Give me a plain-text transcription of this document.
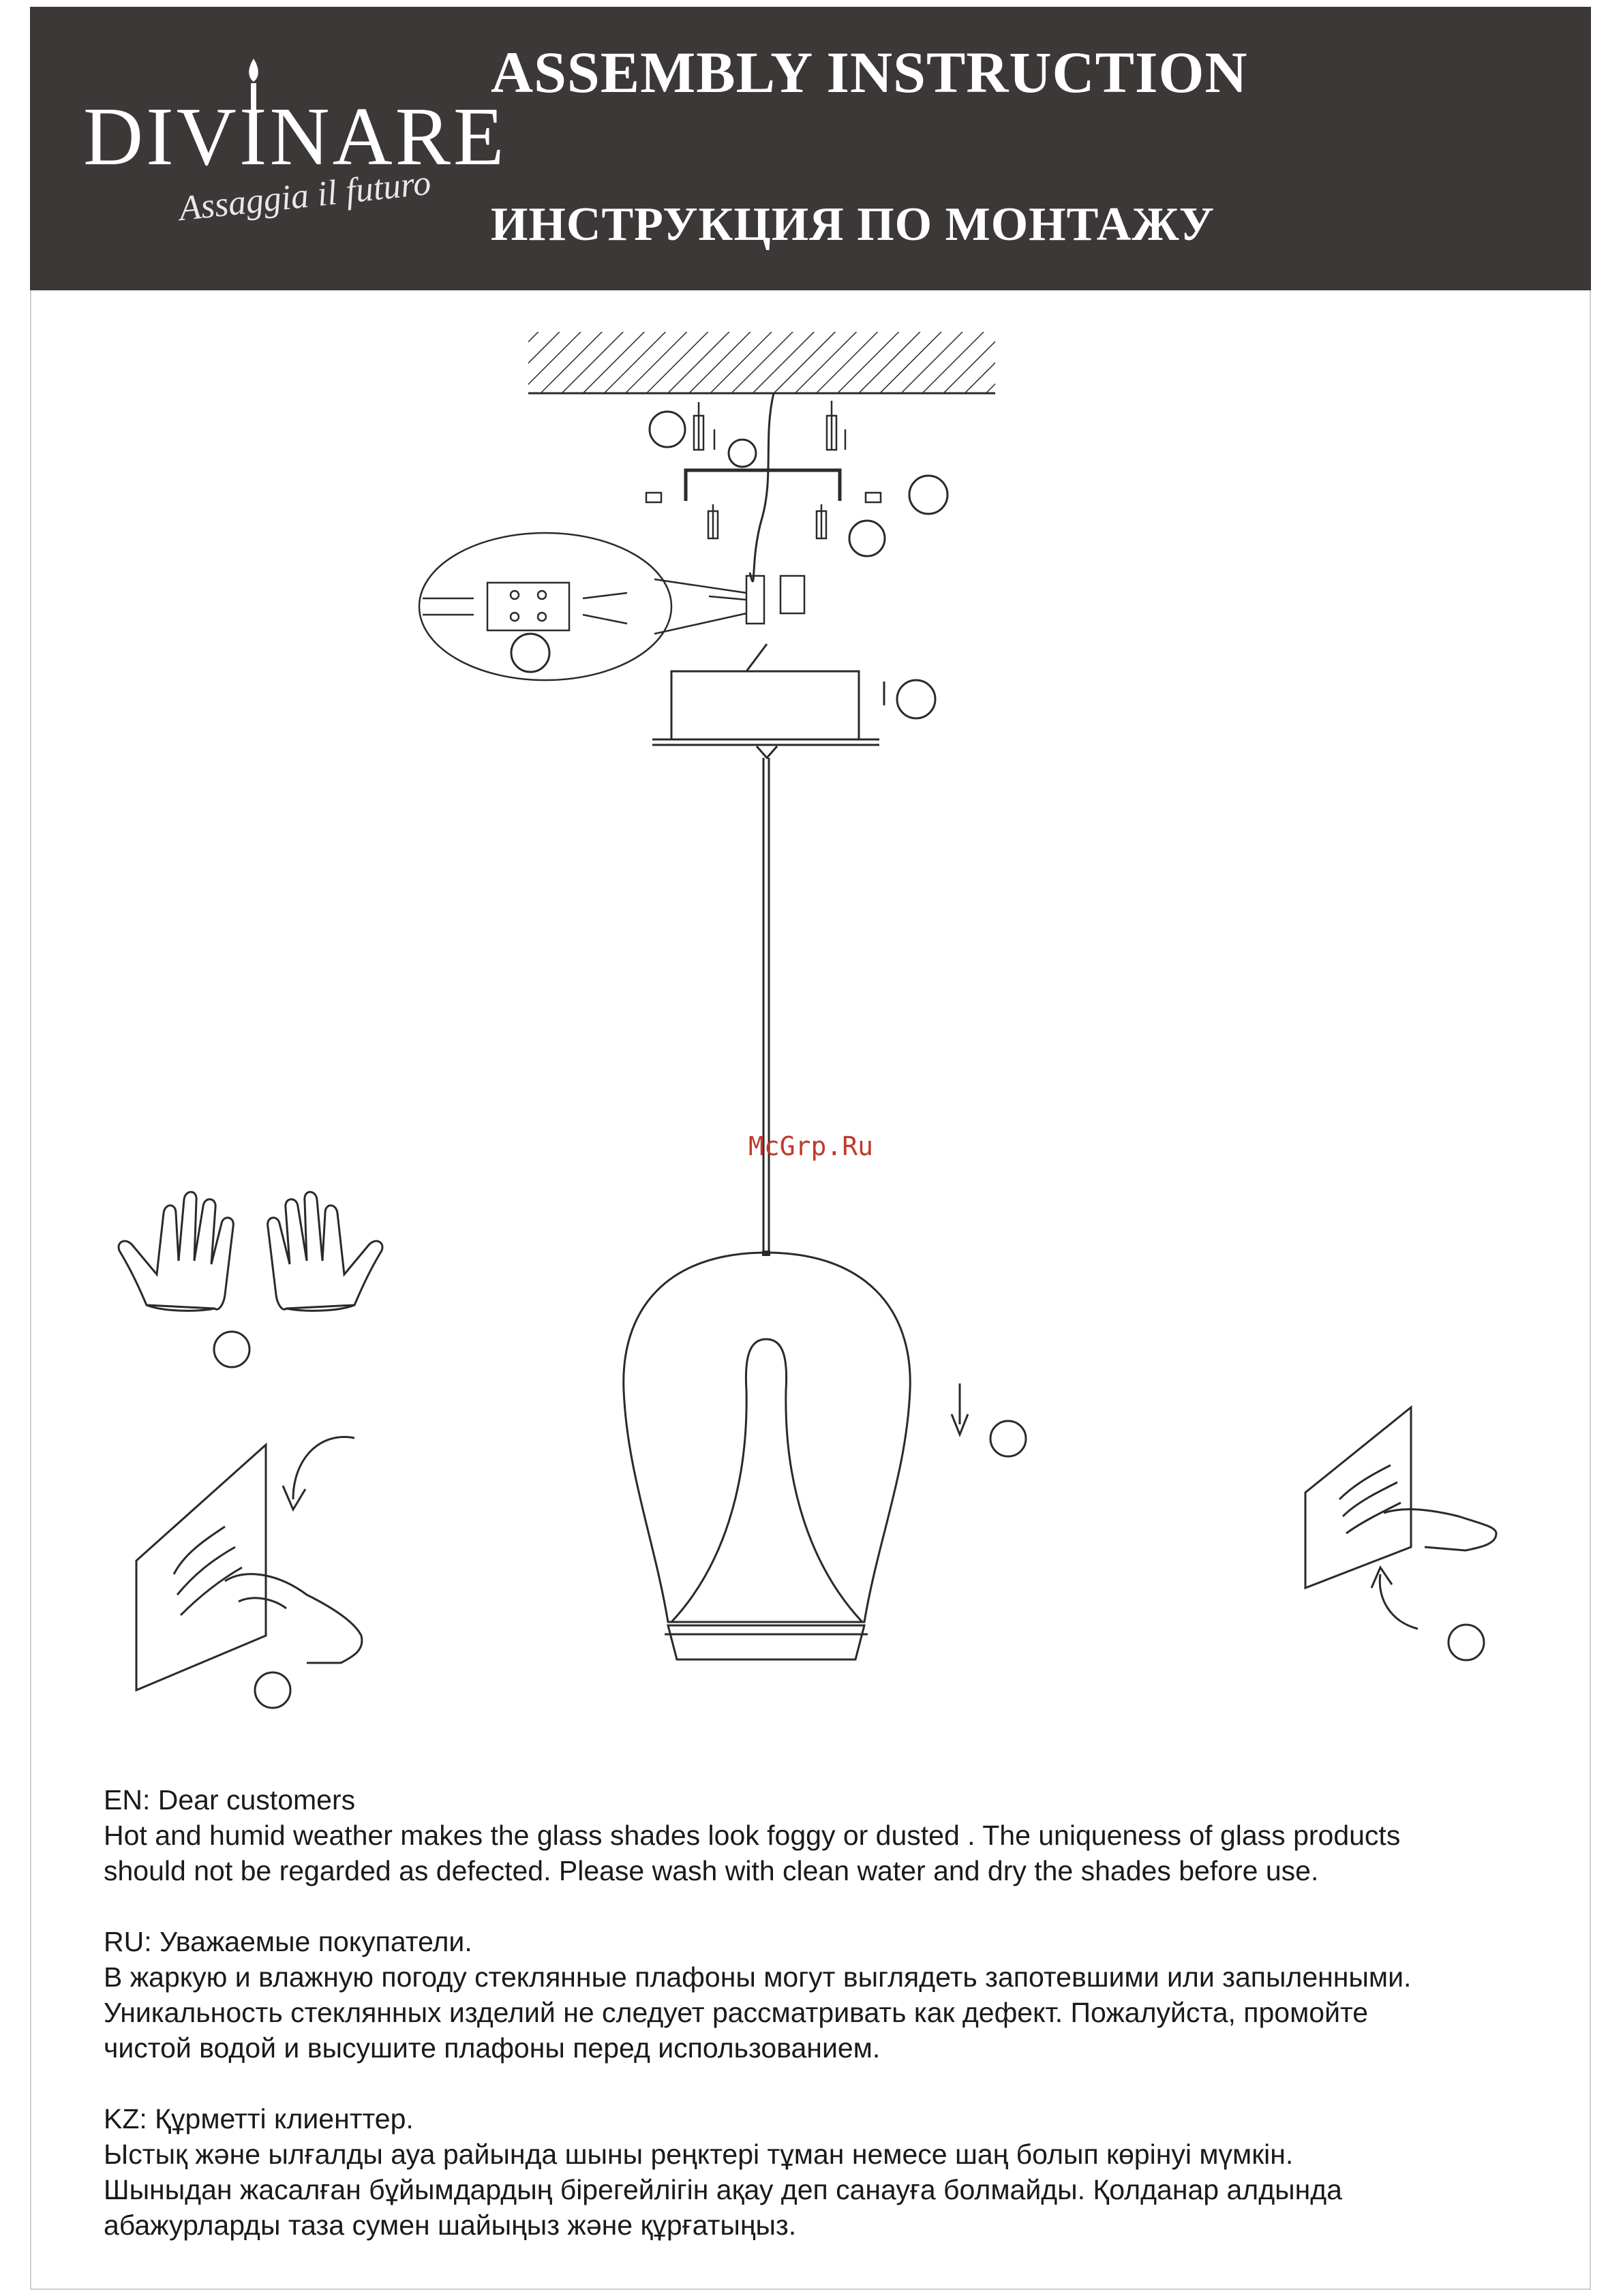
DIVINARE
Assaggia il futuro
ASSEMBLY INSTRUCTION
ИНСТРУКЦИЯ ПО МОНТАЖУ
McGrp.Ru
EN: Dear customers
Hot and humid weather makes the glass shades look foggy or dusted . The uniqueness of glass products
should not be regarded as defected. Please wash with clean water and dry the shades before use.
RU: Уважаемые покупатели.
В жаркую и влажную погоду стеклянные плафоны могут выглядеть запотевшими или запыленными.
Уникальность стеклянных изделий не следует рассматривать как дефект. Пожалуйста, промойте
чистой водой и высушите плафоны перед использованием.
KZ: Құрметті клиенттер.
Ыстық және ылғалды ауа райында шыны реңктері тұман немесе шаң болып көрінуі мүмкін.
Шыныдан жасалған бұйымдардың бірегейлігін ақау деп санауға болмайды. Қолданар алдында
абажурларды таза сумен шайыңыз және құрғатыңыз.
